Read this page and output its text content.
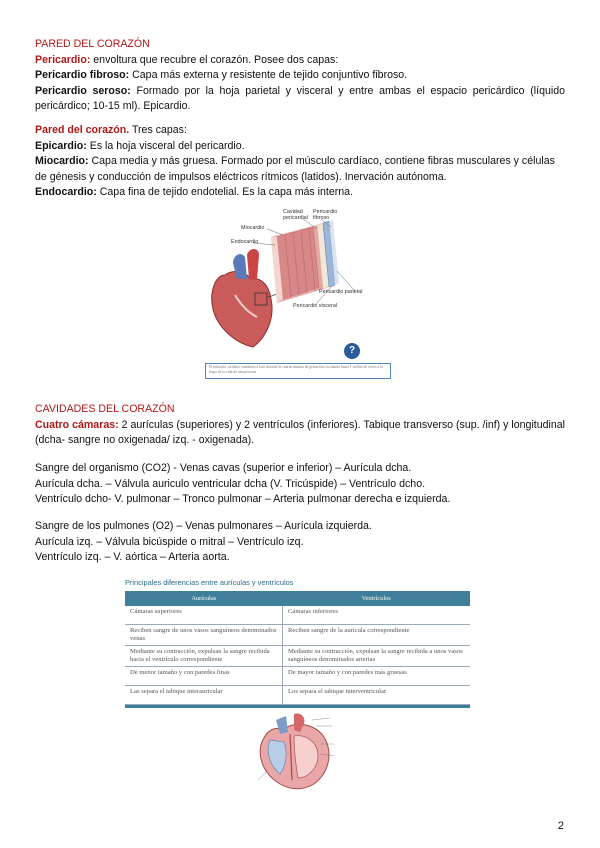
PARED DEL CORAZÓN

Pericardio: envoltura que recubre el corazón. Posee dos capas:

Pericardio fibroso: Capa más externa y resistente de tejido conjuntivo fibroso.

Pericardio seroso: Formado por la hoja parietal y visceral y entre ambas el espacio pericárdico (líquido pericárdico; 10-15 ml). Epicardio.

Pared del corazón. Tres capas:

Epicardio: Es la hoja visceral del pericardio.

Miocardio: Capa media y más gruesa. Formado por el músculo cardíaco, contiene fibras musculares y células de génesis y conducción de impulsos eléctricos rítmicos (latidos). Inervación autónoma.

Endocardio: Capa fina de tejido endotelial. Es la capa más interna.

Cavidad pericardial
Pericardio fibroso
Miocardio
Endocardio
Pericardio parietal
Pericardio visceral
?
El músculo cardíaco comienza a latir durante la cuarta semana de gestación, oscilando hasta 1 millón de veces a lo largo de la vida de una persona.

CAVIDADES DEL CORAZÓN

Cuatro cámaras: 2 aurículas (superiores) y 2 ventrículos (inferiores). Tabique transverso (sup. /inf) y longitudinal (dcha- sangre no oxigenada/ izq. - oxigenada).

Sangre del organismo (CO2) - Venas cavas (superior e inferior) – Aurícula dcha.

Aurícula dcha. – Válvula auriculo ventricular dcha (V. Tricúspide) – Ventrículo dcho.

Ventrículo dcho- V. pulmonar – Tronco pulmonar – Arteria pulmonar derecha e izquierda.

Sangre de los pulmones (O2) – Venas pulmonares – Aurícula izquierda.

Aurícula izq. – Válvula bicúspide o mitral – Ventrículo izq.

Ventrículo izq. – V. aórtica – Arteria aorta.

Principales diferencias entre aurículas y ventrículos
Aurículas	Ventrículos
Cámaras superiores	Cámaras inferiores
Reciben sangre de unos vasos sanguíneos denominados venas	Reciben sangre de la aurícula correspondiente
Mediante su contracción, expulsan la sangre recibida hacia el ventrículo correspondiente	Mediante su contracción, expulsan la sangre recibida a unos vasos sanguíneos denominados arterias
De menor tamaño y con paredes finas	De mayor tamaño y con paredes más gruesas
Las separa el tabique interauricular	Los separa el tabique interventricular
2
